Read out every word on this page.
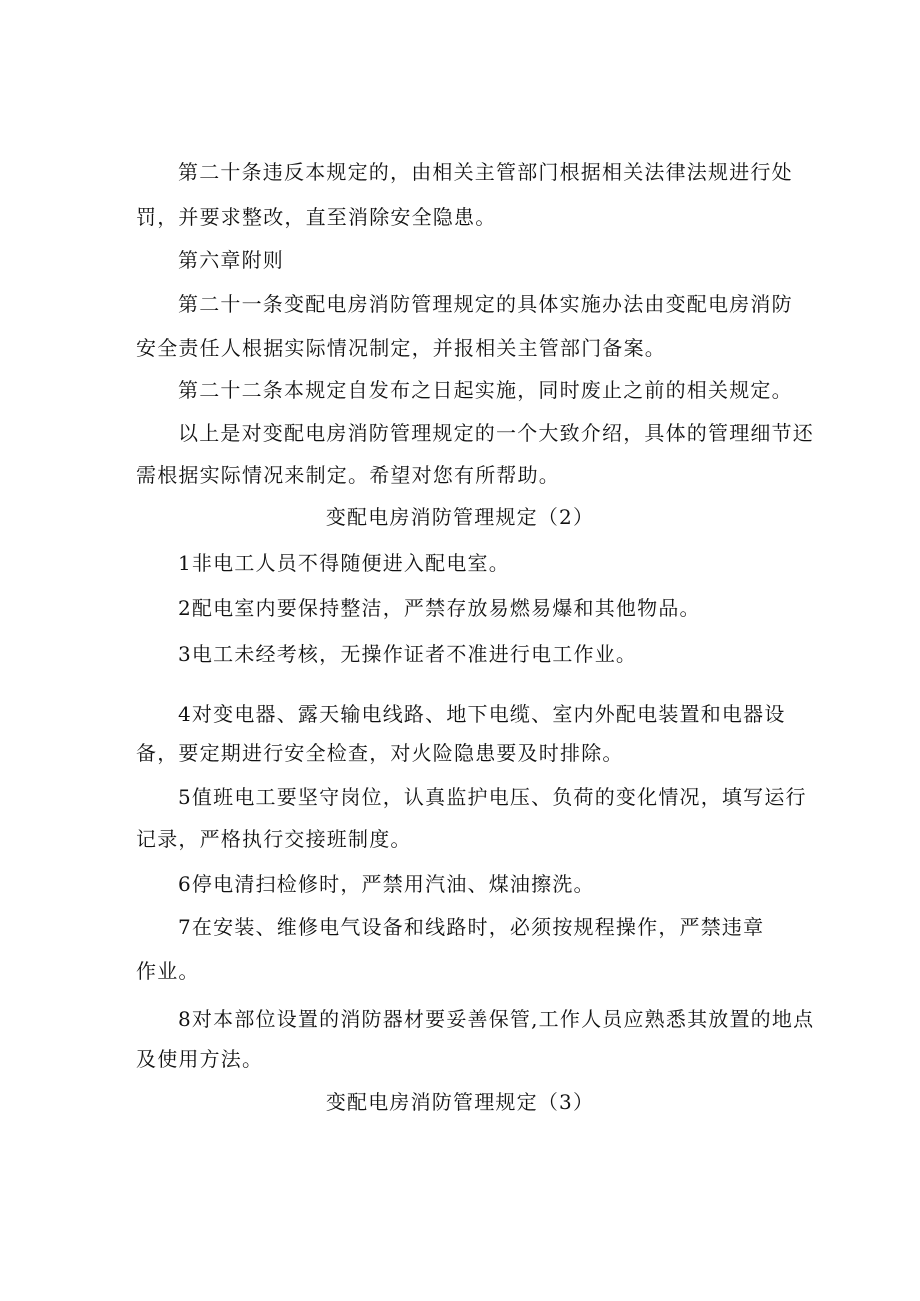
第二十条违反本规定的，由相关主管部门根据相关法律法规进行处
罚，并要求整改，直至消除安全隐患。
第六章附则
第二十一条变配电房消防管理规定的具体实施办法由变配电房消防
安全责任人根据实际情况制定，并报相关主管部门备案。
第二十二条本规定自发布之日起实施，同时废止之前的相关规定。
以上是对变配电房消防管理规定的一个大致介绍，具体的管理细节还
需根据实际情况来制定。希望对您有所帮助。
变配电房消防管理规定（2）
1非电工人员不得随便进入配电室。
2配电室内要保持整洁，严禁存放易燃易爆和其他物品。
3电工未经考核，无操作证者不准进行电工作业。
4对变电器、露天输电线路、地下电缆、室内外配电装置和电器设
备，要定期进行安全检查，对火险隐患要及时排除。
5值班电工要坚守岗位，认真监护电压、负荷的变化情况，填写运行
记录，严格执行交接班制度。
6停电清扫检修时，严禁用汽油、煤油擦洗。
7在安装、维修电气设备和线路时，必须按规程操作，严禁违章
作业。
8对本部位设置的消防器材要妥善保管,工作人员应熟悉其放置的地点
及使用方法。
变配电房消防管理规定（3）
